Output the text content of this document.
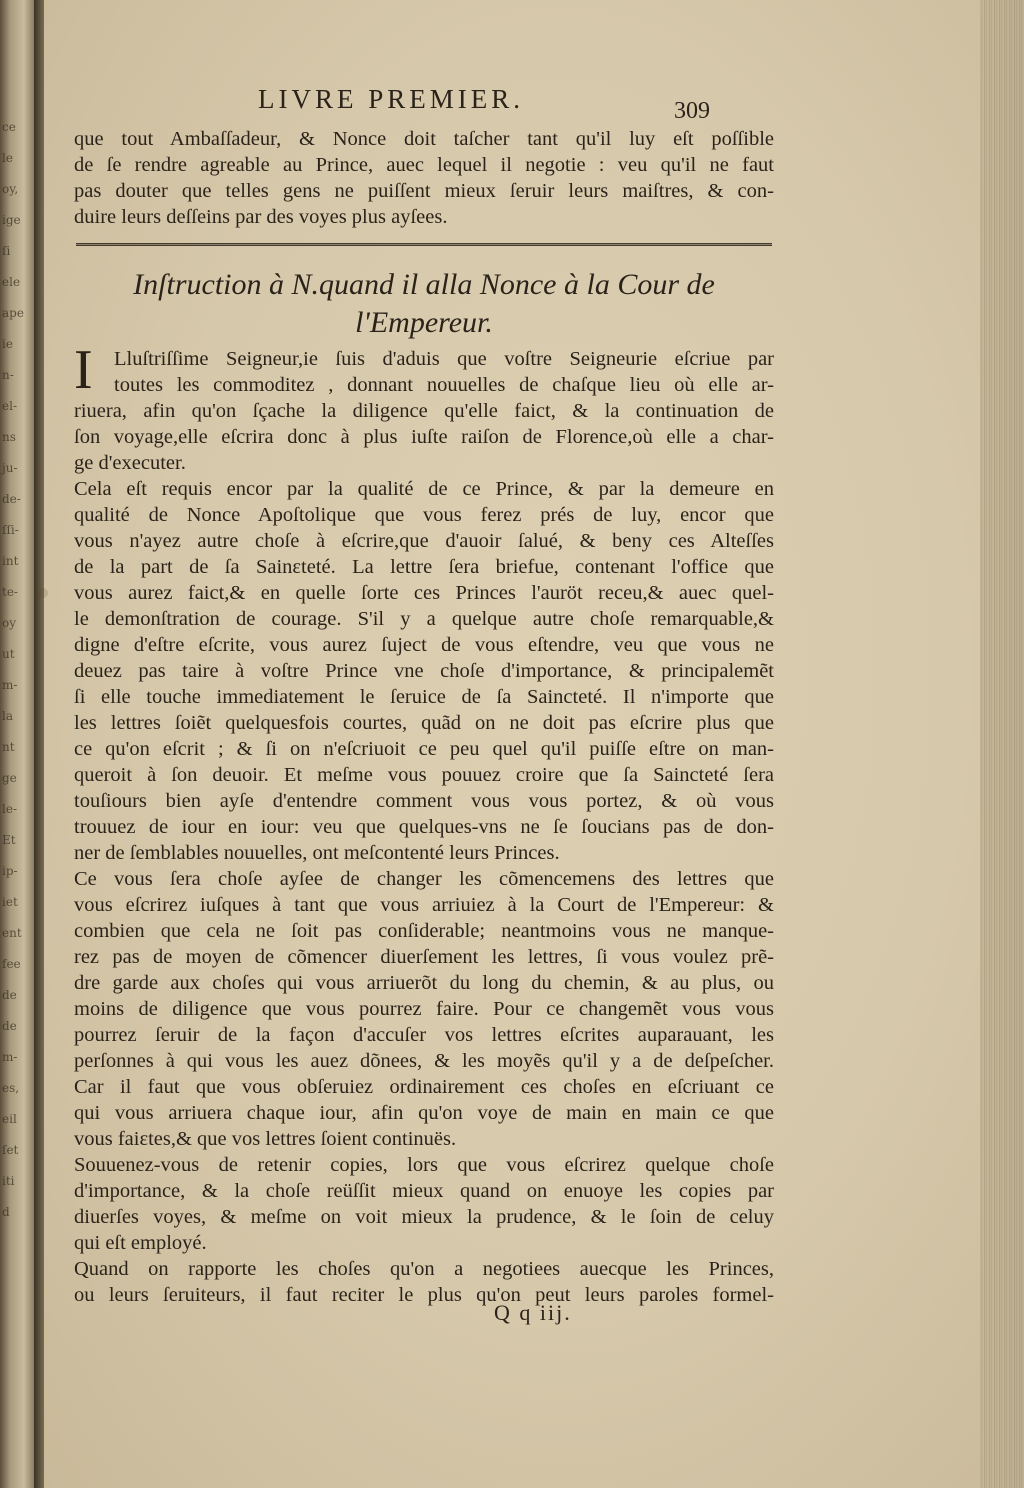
ce
le
oy,
ige
ſi
ele
ape
ie
n-
el-
ns
ju-
de-
ſſi-
int
te-
oy
ut
m-
la
nt
ge
le-
Et
ip-
iet
ent
fee
de
de
m-
es,
eil
ſet
iti
d
LIVRE PREMIER.	309
que tout Ambaſſadeur, & Nonce doit taſcher tant qu'il luy eſt poſſible
de ſe rendre agreable au Prince, auec lequel il negotie : veu qu'il ne faut
pas douter que telles gens ne puiſſent mieux ſeruir leurs maiſtres, & con-
duire leurs deſſeins par des voyes plus ayſees.
Inſtruction à N.quand il alla Nonce à la Cour de
l'Empereur.
I Lluſtriſſime Seigneur,ie ſuis d'aduis que voſtre Seigneurie eſcriue par
toutes les commoditez , donnant nouuelles de chaſque lieu où elle ar-
riuera, afin qu'on ſçache la diligence qu'elle faict, & la continuation de
ſon voyage,elle eſcrira donc à plus iuſte raiſon de Florence,où elle a char-
ge d'executer.
Cela eſt requis encor par la qualité de ce Prince, & par la demeure en
qualité de Nonce Apoſtolique que vous ferez prés de luy, encor que
vous n'ayez autre choſe à eſcrire,que d'auoir ſalué, & beny ces Alteſſes
de la part de ſa Sainɛteté. La lettre ſera briefue, contenant l'office que
vous aurez faict,& en quelle ſorte ces Princes l'auröt receu,& auec quel-
le demonſtration de courage. S'il y a quelque autre choſe remarquable,&
digne d'eſtre eſcrite, vous aurez ſuject de vous eſtendre, veu que vous ne
deuez pas taire à voſtre Prince vne choſe d'importance, & principalemẽt
ſi elle touche immediatement le ſeruice de ſa Saincteté. Il n'importe que
les lettres ſoiẽt quelquesfois courtes, quãd on ne doit pas eſcrire plus que
ce qu'on eſcrit ; & ſi on n'eſcriuoit ce peu quel qu'il puiſſe eſtre on man-
queroit à ſon deuoir. Et meſme vous pouuez croire que ſa Saincteté ſera
touſiours bien ayſe d'entendre comment vous vous portez, & où vous
trouuez de iour en iour: veu que quelques-vns ne ſe ſoucians pas de don-
ner de ſemblables nouuelles, ont meſcontenté leurs Princes.
Ce vous ſera choſe ayſee de changer les cõmencemens des lettres que
vous eſcrirez iuſques à tant que vous arriuiez à la Court de l'Empereur: &
combien que cela ne ſoit pas conſiderable; neantmoins vous ne manque-
rez pas de moyen de cõmencer diuerſement les lettres, ſi vous voulez prẽ-
dre garde aux choſes qui vous arriuerõt du long du chemin, & au plus, ou
moins de diligence que vous pourrez faire. Pour ce changemẽt vous vous
pourrez ſeruir de la façon d'accuſer vos lettres eſcrites auparauant, les
perſonnes à qui vous les auez dõnees, & les moyẽs qu'il y a de deſpeſcher.
Car il faut que vous obſeruiez ordinairement ces choſes en eſcriuant ce
qui vous arriuera chaque iour, afin qu'on voye de main en main ce que
vous faiɛtes,& que vos lettres ſoient continuës.
Souuenez-vous de retenir copies, lors que vous eſcrirez quelque choſe
d'importance, & la choſe reüſſit mieux quand on enuoye les copies par
diuerſes voyes, & meſme on voit mieux la prudence, & le ſoin de celuy
qui eſt employé.
Quand on rapporte les choſes qu'on a negotiees auecque les Princes,
ou leurs ſeruiteurs, il faut reciter le plus qu'on peut leurs paroles formel-
Q q iij.
